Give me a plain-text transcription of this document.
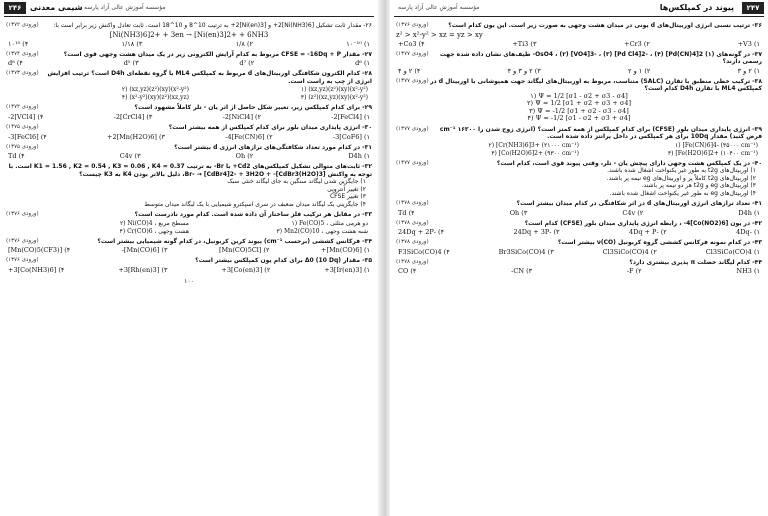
۲۴۶	شیمی معدنی مؤسسه آموزش عالی آزاد پارسه
(ورودی ۱۳۷۲) ۲۶- مقدار ثابت تشکیل [Ni(NH3)6]2+ و [Ni(en)3]2+ به ترتیب 10^8 و 10^18 است. ثابت تعادل واکنش زیر برابر است با:
[Ni(NH3)6]2+ + 3en → [Ni(en)3]2+ + 6NH3
۱) ۱۰⁻¹⁰
۲) ۱/۸
۳) ۱/۱۸
۴) ۱۰¹⁰
(ورودی ۱۳۷۴)	۲۷- مقدار CFSE = -16Dq + P مربوط به کدام آرایش الکترونی زیر در یک میدان هشت وجهی قوی است؟
۱) d⁶
۲) d⁷
۳) d⁵
۴) d⁸
(ورودی ۱۳۷۳) ۲۸- کدام الکترون شکافتگی اوربیتال‌های d مربوط به کمپلکس ML4 با گروه نقطه‌ای D4h است؟ ترتیب افزایش انرژی از چپ به راست است.
۱) (xz,yz)(z²)(xy)(x²-y²)
۲) (xz,yz)(z²)(xy)(x²-y²)
۳) (z²)(xz,yz)(xy)(x²-y²)
۴) (x²-y²)(xy)(z²)(xz,yz)
(ورودی ۱۳۷۴)	۲۹- برای کدام کمپلکس زیر، تغییر شکل حاصل از اثر یان - تلر کاملاً مشهود است؟
۱) [FeCl4]2-
۲) [NiCl4]2-
۳) [CrCl4]2-
۴) [VCl4]2-
(ورودی ۱۳۷۵)	۳۰- انرژی پایداری میدان بلور برای کدام کمپلکس از همه بیشتر است؟
۱) [CoF6]3-
۲) [Fe(CN)6]4-
۳) [Mn(H2O)6]2+
۴) [FeCl6]3-
(ورودی ۱۳۷۵)	۳۱- در کدام مورد تعداد شکافتگی‌های ترازهای انرژی d بیشتر است؟
۱) D4h
۲) Oh
۳) C4v
۴) Td
۳۲- ثابت‌های متوالی تشکیل کمپلکس‌های Cd2+ با Br- به ترتیب K1 = 1.56 , K2 = 0.54 , K3 = 0.06 , K4 = 0.37 است. با توجه به واکنش [CdBr3(H2O)3]- + Br- → [CdBr4]2- + 3H2O، دلیل بالاتر بودن K4 به K3 چیست؟
۱) جایگزین شدن لیگاند سنگین به جای لیگاند خنثی سبک
۲) تغییر آنتروپی
۳) تغییر CFSE
۴) جایگزینی یک لیگاند میدان ضعیف در سری اسپکترو شیمیایی با یک لیگاند میدان متوسط
(ورودی ۱۳۷۶)	۳۳- در مقابل هر ترکیب فلز ساختار آن داده شده است. کدام مورد نادرست است؟
۱) Fe(CO)5 ، دو هرمی مثلثی
۲) Ni(CO)4 ، مسطح مربع
۳) Mn2(CO)10 ، شبه هشت وجهی
۴) Cr(CO)6 ، هشت وجهی
(ورودی ۱۳۷۶)	۳۴- فرکانس کششی (برحسب cm⁻¹) پیوند کربن کربونیل، در کدام گونه شیمیایی بیشتر است؟
۱) [Mn(CO)6]+
۲) [Mn(CO)5Cl]
۳) [Mn(CO)6]-
۴) [Mn(CO)5(CF3)]
(ورودی ۱۳۷۶)	۳۵- مقدار Δ0 (10 Dq) برای کدام یون کمپلکس بیشتر است؟
۱) [Ir(en)3]3+
۲) [Co(en)3]3+
۳) [Rh(en)3]3+
۴) [Co(NH3)6]3+
۱۰۰
مؤسسه آموزش عالی آزاد پارسه	پیوند در کمپلکس‌ها	۲۴۷
(ورودی ۱۳۷۶)	۳۶- ترتیب نسبی انرژی اوربیتال‌های d یونی در میدان هشت وجهی به صورت زیر است. این یون کدام است؟
z² > x²-y² > xz = yz > xy
۱) V3+
۲) Cr3+
۳) Ti3+
۴) Co3+
(ورودی ۱۳۷۷) ۳۷- در گونه‌های (۱) OsO4 ، (۲) [VO4]3- ، (۳) [Pd Cl4]2- ، (۴) [Pd(CN)4]2- طیف‌های نشان داده شده جهت رسمی دارند؟
۱) ۲ و ۳
۲) ۱ و ۲
۳) ۲ و ۳ و ۴
۴) ۲ و ۴
(ورودی ۱۳۷۷) ۳۸- ترکیب خطی منطبق با تقارن (SALC) متناسب، مربوط به اوربیتال‌های لیگاند جهت همپوشانی با اوربیتال d در کمپلکس ML4 با تقارن D4h کدام است؟
۱) Ψ = 1/2 [σ1 - σ2 + σ3 - σ4]
۲) Ψ = 1/2 [σ1 + σ2 + σ3 + σ4]
۳) Ψ = -1/2 [σ1 + σ2 - σ3 - σ4]
۴) Ψ = -1/2 [σ1 - σ2 + σ3 + σ4]
(ورودی ۱۳۷۷) ۳۹- انرژی پایداری میدان بلور (CFSE) برای کدام کمپلکس از همه کمتر است؟ (انرژی زوج شدن را ۱۶۳۰۰ cm⁻¹ فرض کنید) مقدار 10Dq برای هر کمپلکس در داخل پرانتز داده شده است.
۱) [Fe(CN)6]4- (۳۵۰۰۰ cm⁻¹)
۲) [Cr(NH3)6]3+ (۲۱۰۰۰ cm⁻¹)
۳) [Fe(H2O)6]2+ (۱۰۴۰۰ cm⁻¹)
۴) [Co(H2O)6]2+ (۹۳۰۰ cm⁻¹)
(ورودی ۱۳۷۷)	۴۰- در یک کمپلکس هشت وجهی دارای پیچش یان - تلر، وقتی پیوند قوی است، کدام است؟
۱) اوربیتال‌های t2g به طور غیر یکنواخت اشغال شده باشند.
۲) اوربیتال‌های t2g کاملاً پر و اوربیتال‌های eg نیمه پر باشند.
۳) اوربیتال‌های eg و t2g هر دو نیمه پر باشند.
۴) اوربیتال‌های eg به طور غیر یکنواخت اشغال شده باشند.
(ورودی ۱۳۷۸)	۴۱- تعداد ترازهای انرژی اوربیتال‌های d در اثر شکافتگی در کدام میدان بیشتر است؟
۱) D4h
۲) C4v
۳) Oh
۴) Td
(ورودی ۱۳۷۸)	۴۲- در یون [Co(NO2)6]4- ، رابطه انرژی پایداری میدان بلور (CFSE) کدام است؟
۱) -4Dq
۲) -4Dq + P
۳) -24Dq + 3P
۴) -24Dq + 2P
(ورودی ۱۳۷۸)	۴۳- در کدام نمونه فرکانس کششی گروه کربونیل (CO)ν بیشتر است؟
۱) Cl3SiCo(CO)4
۲) Cl3SiCo(CO)4
۳) Br3SiCo(CO)4
۴) F3SiCo(CO)4
(ورودی ۱۳۷۸)	۴۴- کدام لیگاند خصلت π پذیری بیشتری دارد؟
۱) NH3
۲) F-
۳) CN-
۴) CO
